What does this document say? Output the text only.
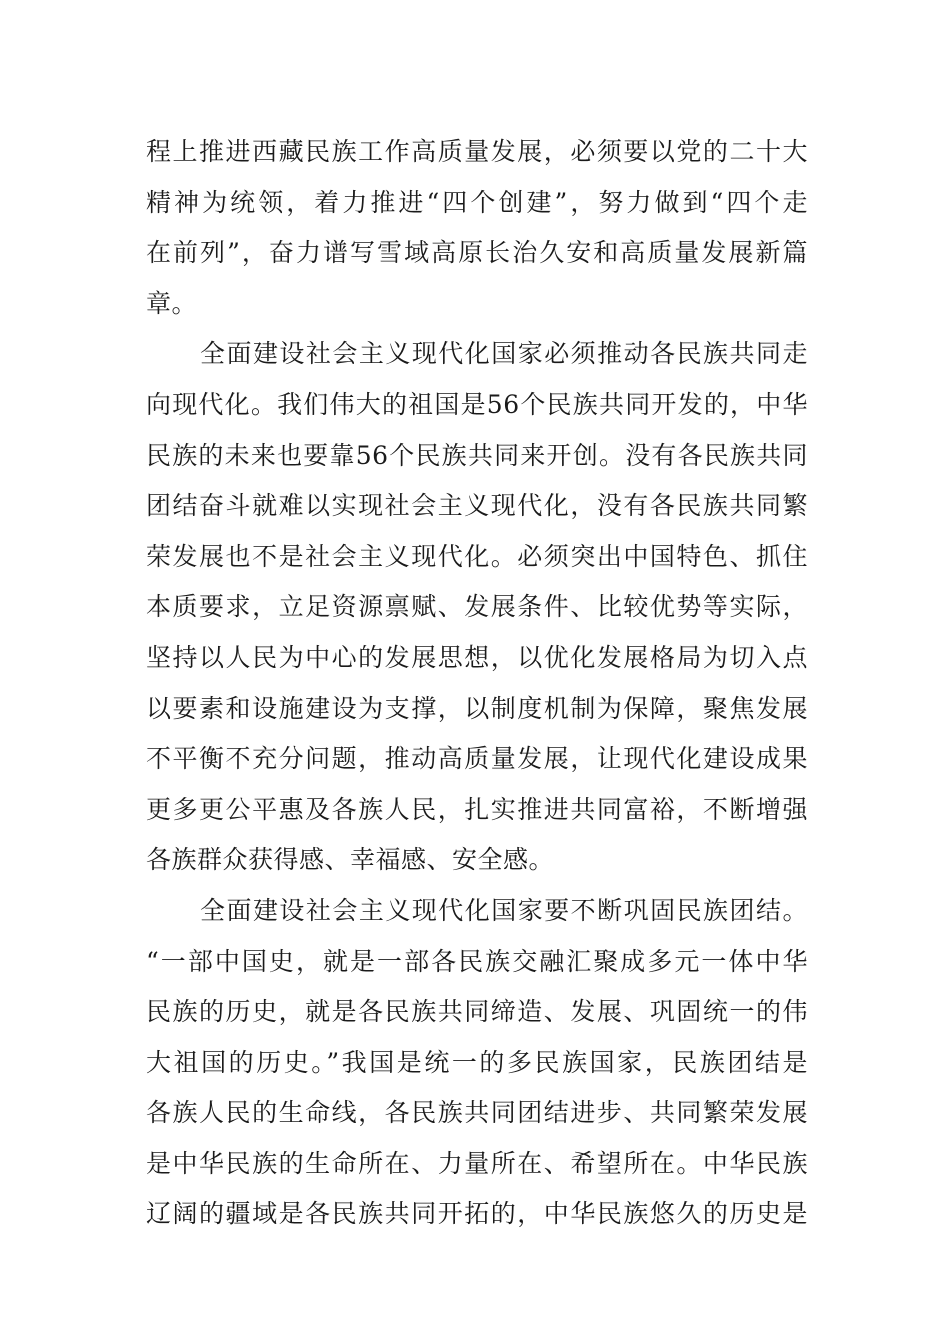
程上推进西藏民族工作高质量发展，必须要以党的二十大
精神为统领，着力推进“四个创建”，努力做到“四个走
在前列”，奋力谱写雪域高原长治久安和高质量发展新篇
章。
全面建设社会主义现代化国家必须推动各民族共同走
向现代化。我们伟大的祖国是56个民族共同开发的，中华
民族的未来也要靠56个民族共同来开创。没有各民族共同
团结奋斗就难以实现社会主义现代化，没有各民族共同繁
荣发展也不是社会主义现代化。必须突出中国特色、抓住
本质要求，立足资源禀赋、发展条件、比较优势等实际，
坚持以人民为中心的发展思想，以优化发展格局为切入点
以要素和设施建设为支撑，以制度机制为保障，聚焦发展
不平衡不充分问题，推动高质量发展，让现代化建设成果
更多更公平惠及各族人民，扎实推进共同富裕，不断增强
各族群众获得感、幸福感、安全感。
全面建设社会主义现代化国家要不断巩固民族团结。
“一部中国史，就是一部各民族交融汇聚成多元一体中华
民族的历史，就是各民族共同缔造、发展、巩固统一的伟
大祖国的历史。”我国是统一的多民族国家，民族团结是
各族人民的生命线，各民族共同团结进步、共同繁荣发展
是中华民族的生命所在、力量所在、希望所在。中华民族
辽阔的疆域是各民族共同开拓的，中华民族悠久的历史是
